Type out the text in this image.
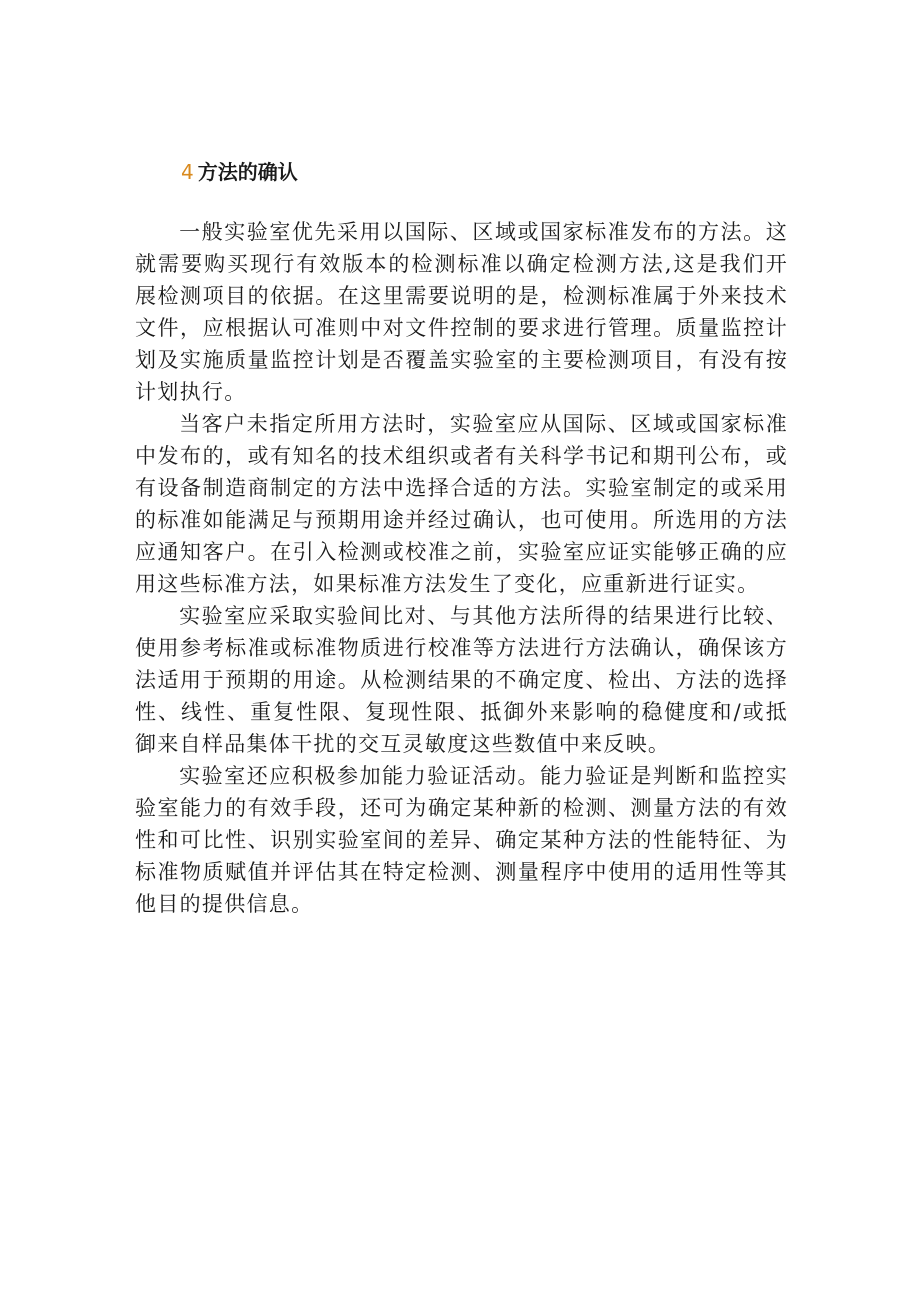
4 方法的确认

一般实验室优先采用以国际、区域或国家标准发布的方法。这就需要购买现行有效版本的检测标准以确定检测方法,这是我们开展检测项目的依据。在这里需要说明的是，检测标准属于外来技术文件，应根据认可准则中对文件控制的要求进行管理。质量监控计划及实施质量监控计划是否覆盖实验室的主要检测项目，有没有按计划执行。

当客户未指定所用方法时，实验室应从国际、区域或国家标准中发布的，或有知名的技术组织或者有关科学书记和期刊公布，或有设备制造商制定的方法中选择合适的方法。实验室制定的或采用的标准如能满足与预期用途并经过确认，也可使用。所选用的方法应通知客户。在引入检测或校准之前，实验室应证实能够正确的应用这些标准方法，如果标准方法发生了变化，应重新进行证实。

实验室应采取实验间比对、与其他方法所得的结果进行比较、使用参考标准或标准物质进行校准等方法进行方法确认，确保该方法适用于预期的用途。从检测结果的不确定度、检出、方法的选择性、线性、重复性限、复现性限、抵御外来影响的稳健度和/或抵御来自样品集体干扰的交互灵敏度这些数值中来反映。

实验室还应积极参加能力验证活动。能力验证是判断和监控实验室能力的有效手段，还可为确定某种新的检测、测量方法的有效性和可比性、识别实验室间的差异、确定某种方法的性能特征、为标准物质赋值并评估其在特定检测、测量程序中使用的适用性等其他目的提供信息。
